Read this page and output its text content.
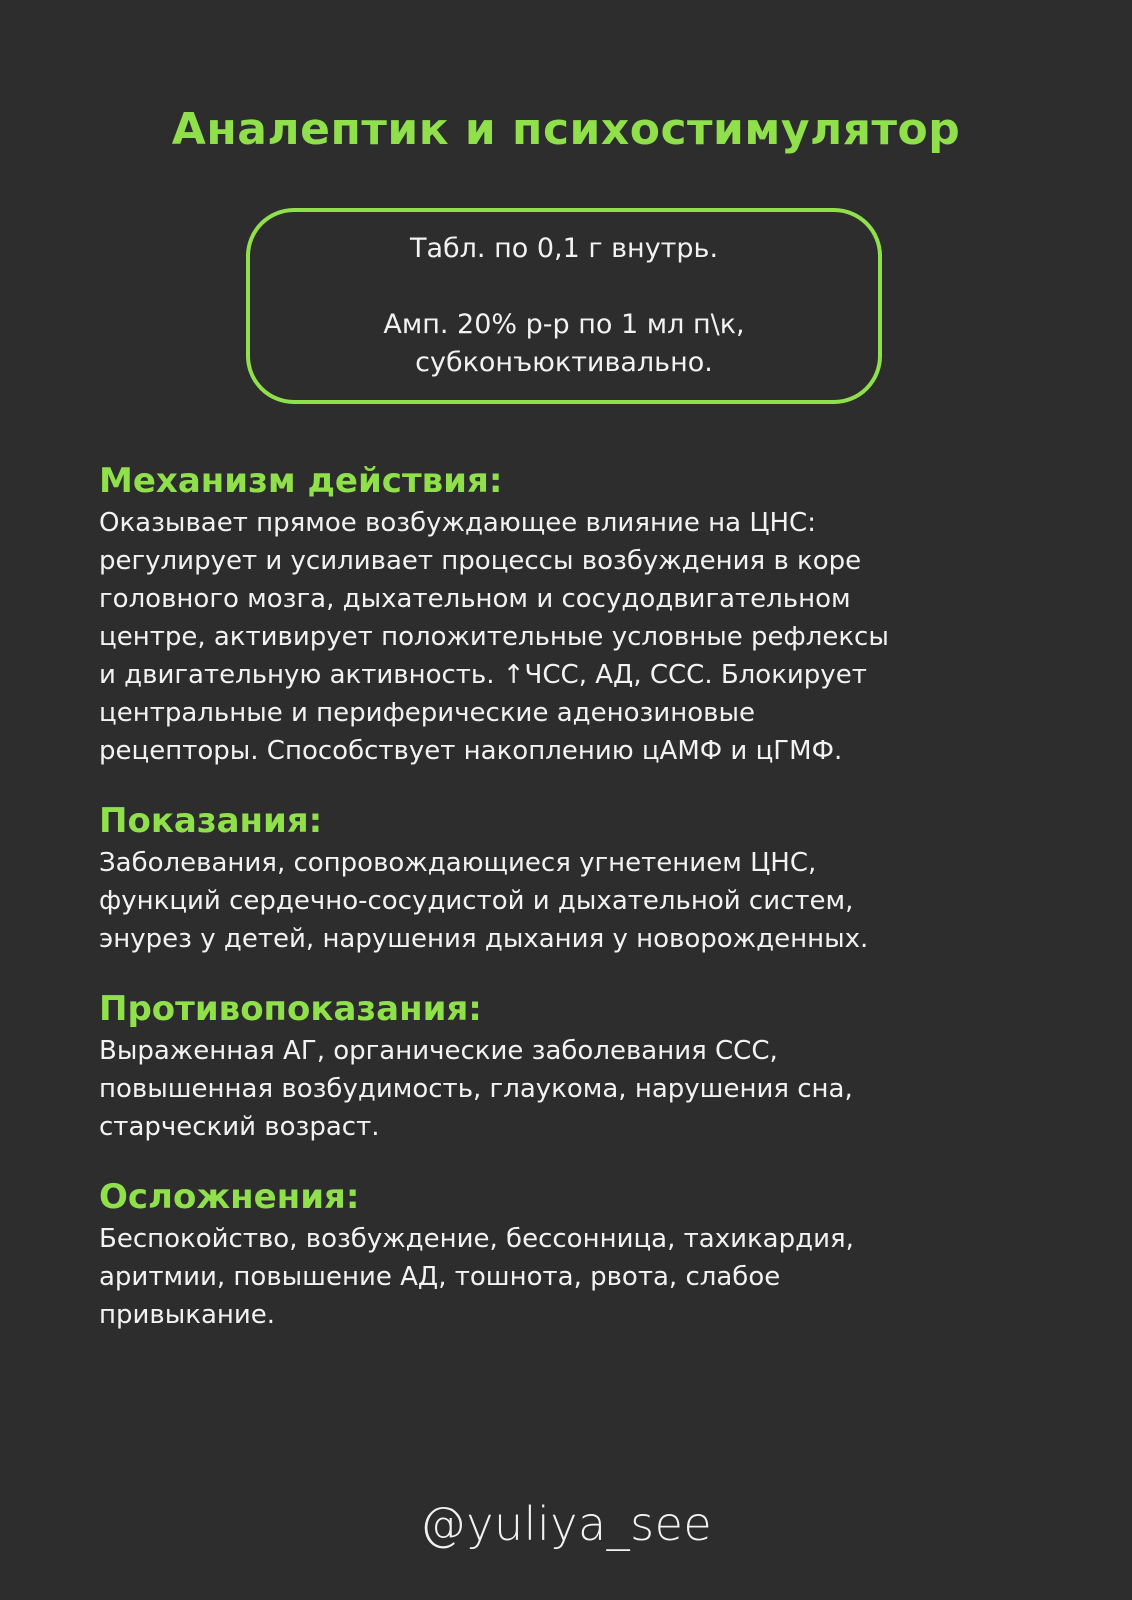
Аналептик и психостимулятор

Табл. по 0,1 г внутрь.

Амп. 20% р-р по 1 мл п\к,

субконъюктивально.

Механизм действия:

Оказывает прямое возбуждающее влияние на ЦНС:
регулирует и усиливает процессы возбуждения в коре
головного мозга, дыхательном и сосудодвигательном
центре, активирует положительные условные рефлексы
и двигательную активность. ↑ЧСС, АД, ССС. Блокирует
центральные и периферические аденозиновые
рецепторы. Способствует накоплению цАМФ и цГМФ.

Показания:

Заболевания, сопровождающиеся угнетением ЦНС,
функций сердечно-сосудистой и дыхательной систем,
энурез у детей, нарушения дыхания у новорожденных.

Противопоказания:

Выраженная АГ, органические заболевания ССС,
повышенная возбудимость, глаукома, нарушения сна,
старческий возраст.

Осложнения:

Беспокойство, возбуждение, бессонница, тахикардия,
аритмии, повышение АД, тошнота, рвота, слабое
привыкание.

@yuliya_see
